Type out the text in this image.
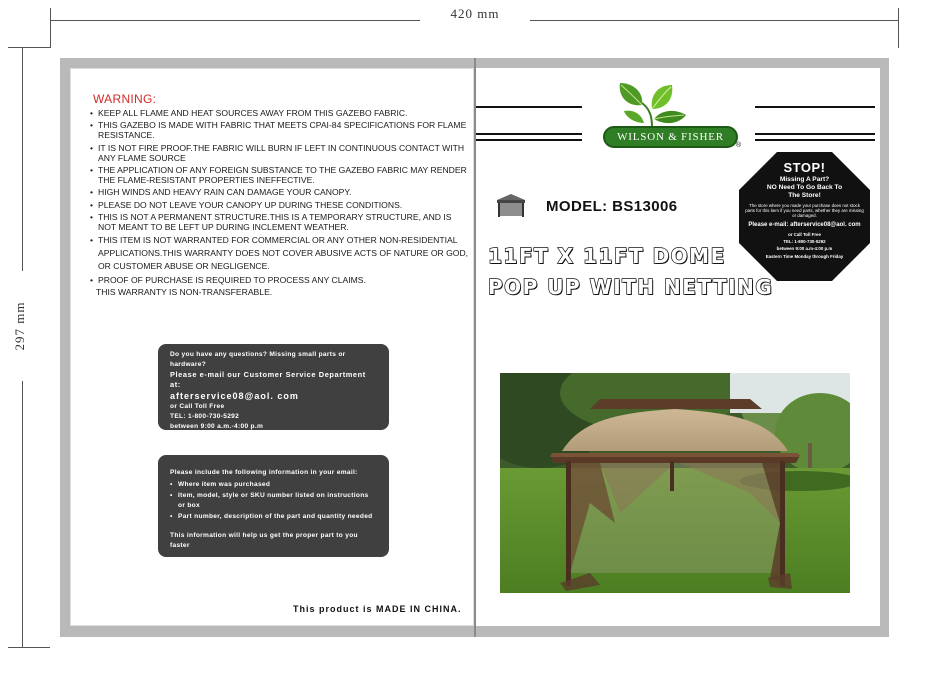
420 mm
297 mm
WARNING:
• KEEP ALL FLAME AND HEAT SOURCES AWAY FROM THIS GAZEBO FABRIC.
• THIS GAZEBO IS MADE WITH FABRIC THAT MEETS CPAI-84 SPECIFICATIONS FOR FLAME RESISTANCE.
• IT IS NOT FIRE PROOF.THE FABRIC WILL BURN IF LEFT IN CONTINUOUS CONTACT WITH ANY FLAME SOURCE
• THE APPLICATION OF ANY FOREIGN SUBSTANCE TO THE GAZEBO FABRIC MAY RENDER THE FLAME-RESISTANT PROPERTIES INEFFECTIVE.
• HIGH WINDS AND HEAVY RAIN CAN DAMAGE YOUR CANOPY.
• PLEASE DO NOT LEAVE YOUR CANOPY UP DURING THESE CONDITIONS.
• THIS IS NOT A PERMANENT STRUCTURE.THIS IS A TEMPORARY STRUCTURE, AND IS NOT MEANT TO BE LEFT UP DURING INCLEMENT WEATHER.
• THIS ITEM IS NOT WARRANTED FOR COMMERCIAL OR ANY OTHER NON-RESIDENTIAL APPLICATIONS.THIS WARRANTY DOES NOT COVER ABUSIVE ACTS OF NATURE OR GOD, OR CUSTOMER ABUSE OR NEGLIGENCE.
• PROOF OF PURCHASE IS REQUIRED TO PROCESS ANY CLAIMS.
THIS WARRANTY IS NON-TRANSFERABLE.
Do you have any questions? Missing small parts or hardware?
Please e-mail our Customer Service Department at:
afterservice08@aol. com
or Call Toll Free
TEL: 1-800-730-5292
between 9:00 a.m.-4:00 p.m
Eastern Time Monday through Friday
Please include the following information in your email:
• Where item was purchased
• Item, model, style or SKU number listed on instructions or box
• Part number, description of the part and quantity needed
This information will help us get the proper part to you faster
This product is MADE IN CHINA.
WILSON & FISHER
®
STOP!
Missing A Part?
NO Need To Go Back To
The Store!
The store where you made your purchase does not stock parts for this item if you need parts, whether they are missing or damaged.
Please e-mail: afterservice08@aol. com
or Call Toll Free
TEL: 1-800-730-5292
between 9:00 a.m-4:00 p.m
Eastern Time Monday through Friday
MODEL: BS13006
11FT X 11FT DOME
POP UP WITH NETTING
